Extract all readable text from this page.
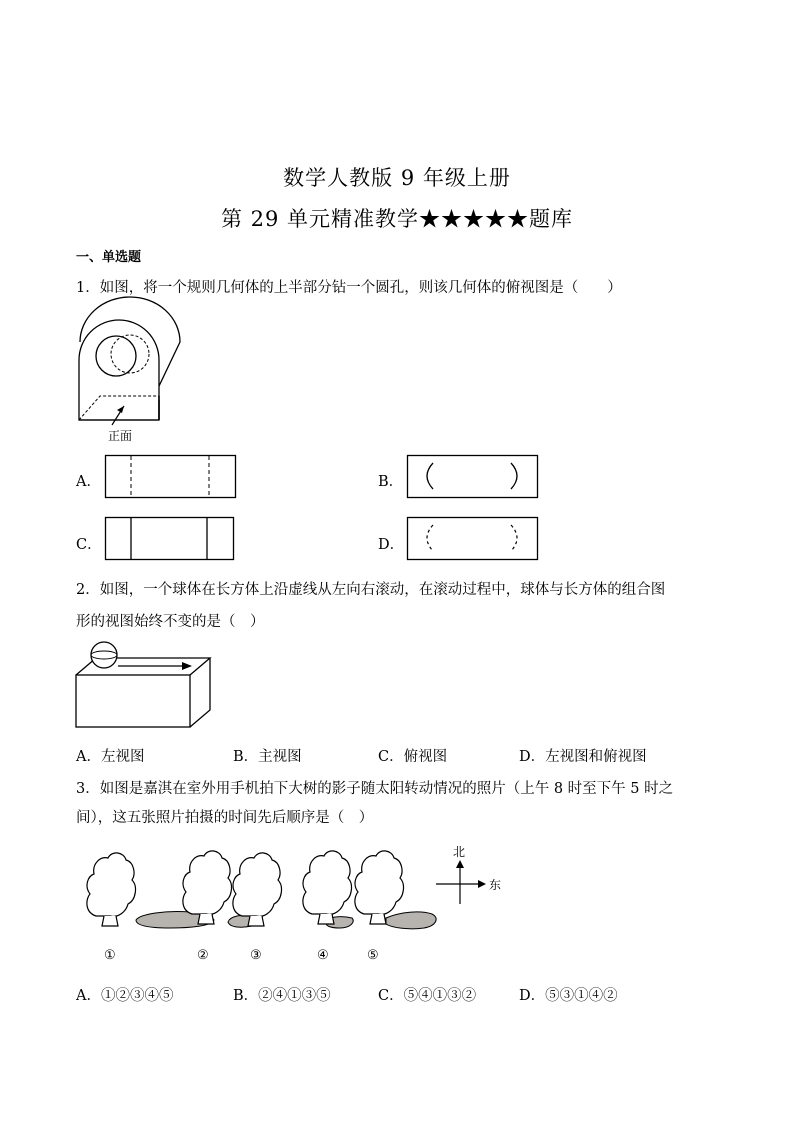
数学人教版 9 年级上册
第 29 单元精准教学★★★★★题库
一、单选题
1．如图，将一个规则几何体的上半部分钻一个圆孔，则该几何体的俯视图是（　　）
正面
A．	B．
C．	D．
2．如图，一个球体在长方体上沿虚线从左向右滚动，在滚动过程中，球体与长方体的组合图
形的视图始终不变的是（　）
A．左视图	B．主视图	C．俯视图	D．左视图和俯视图
3．如图是嘉淇在室外用手机拍下大树的影子随太阳转动情况的照片（上午 8 时至下午 5 时之
间），这五张照片拍摄的时间先后顺序是（　）
①	②	③	④	⑤
北
东
A．①②③④⑤	B．②④①③⑤	C．⑤④①③②	D．⑤③①④②
